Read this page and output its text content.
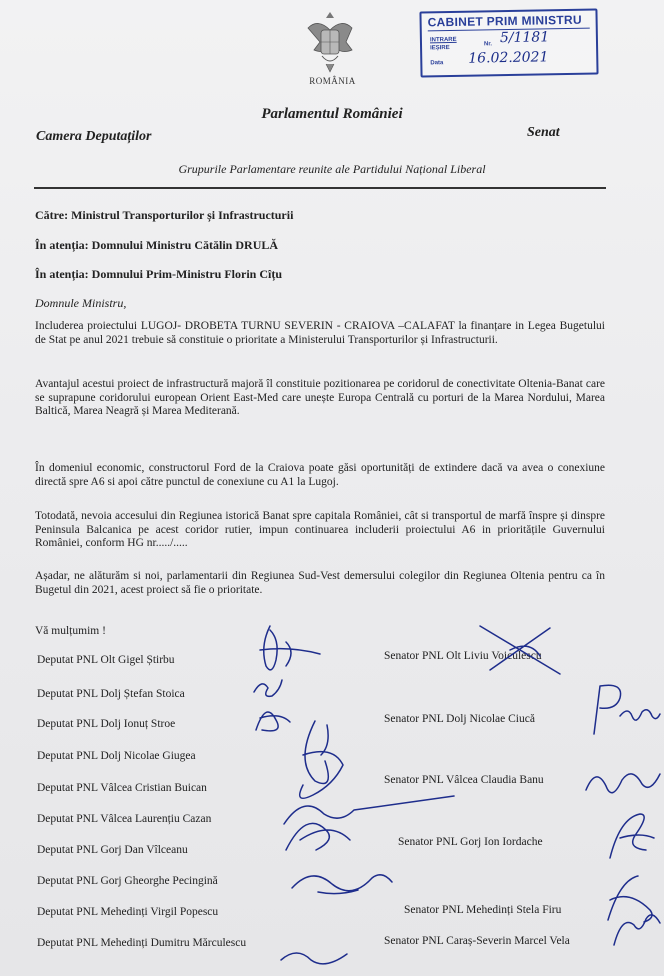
ROMÂNIA
CABINET PRIM MINISTRU
INTRARE
IEȘIRE
Nr. 5/1181
Data 16.02.2021
Parlamentul României
Camera Deputaților	Senat
Grupurile Parlamentare reunite ale Partidului Național Liberal
Către: Ministrul Transporturilor și Infrastructurii
În atenția: Domnului Ministru Cătălin DRULĂ
În atenția: Domnului Prim-Ministru Florin Cîțu
Domnule Ministru,
Includerea proiectului LUGOJ- DROBETA TURNU SEVERIN - CRAIOVA –CALAFAT la finanțare in Legea Bugetului de Stat pe anul 2021 trebuie să constituie o prioritate a Ministerului Transporturilor și Infrastructurii.
Avantajul acestui proiect de infrastructură majoră îl constituie pozitionarea pe coridorul de conectivitate Oltenia-Banat care se suprapune coridorului european Orient East-Med care unește Europa Centrală cu porturi de la Marea Nordului, Marea Baltică, Marea Neagră și Marea Mediterană.
În domeniul economic, constructorul Ford de la Craiova poate găsi oportunități de extindere dacă va avea o conexiune directă spre A6 si apoi către punctul de conexiune cu A1 la Lugoj.
Totodată, nevoia accesului din Regiunea istorică Banat spre capitala României, cât si transportul de marfă înspre și dinspre Peninsula Balcanica pe acest coridor rutier, impun continuarea includerii proiectului A6 in prioritățile Guvernului României, conform HG nr...../.....
Așadar, ne alăturăm si noi, parlamentarii din Regiunea Sud-Vest demersului colegilor din Regiunea Oltenia pentru ca în Bugetul din 2021, acest proiect să fie o prioritate.
Vă mulțumim !
Deputat PNL Olt Gigel Știrbu
Deputat PNL Dolj Ștefan Stoica
Deputat PNL Dolj Ionuț Stroe
Deputat PNL Dolj Nicolae Giugea
Deputat PNL Vâlcea Cristian Buican
Deputat PNL Vâlcea Laurențiu Cazan
Deputat PNL Gorj Dan Vîlceanu
Deputat PNL Gorj Gheorghe Pecingină
Deputat PNL Mehedinți Virgil Popescu
Deputat PNL Mehedinți Dumitru Mărculescu
Senator PNL Olt Liviu Voiculescu
Senator PNL Dolj Nicolae Ciucă
Senator PNL Vâlcea Claudia Banu
Senator PNL Gorj Ion Iordache
Senator PNL Mehedinți Stela Firu
Senator PNL Caraș-Severin Marcel Vela
